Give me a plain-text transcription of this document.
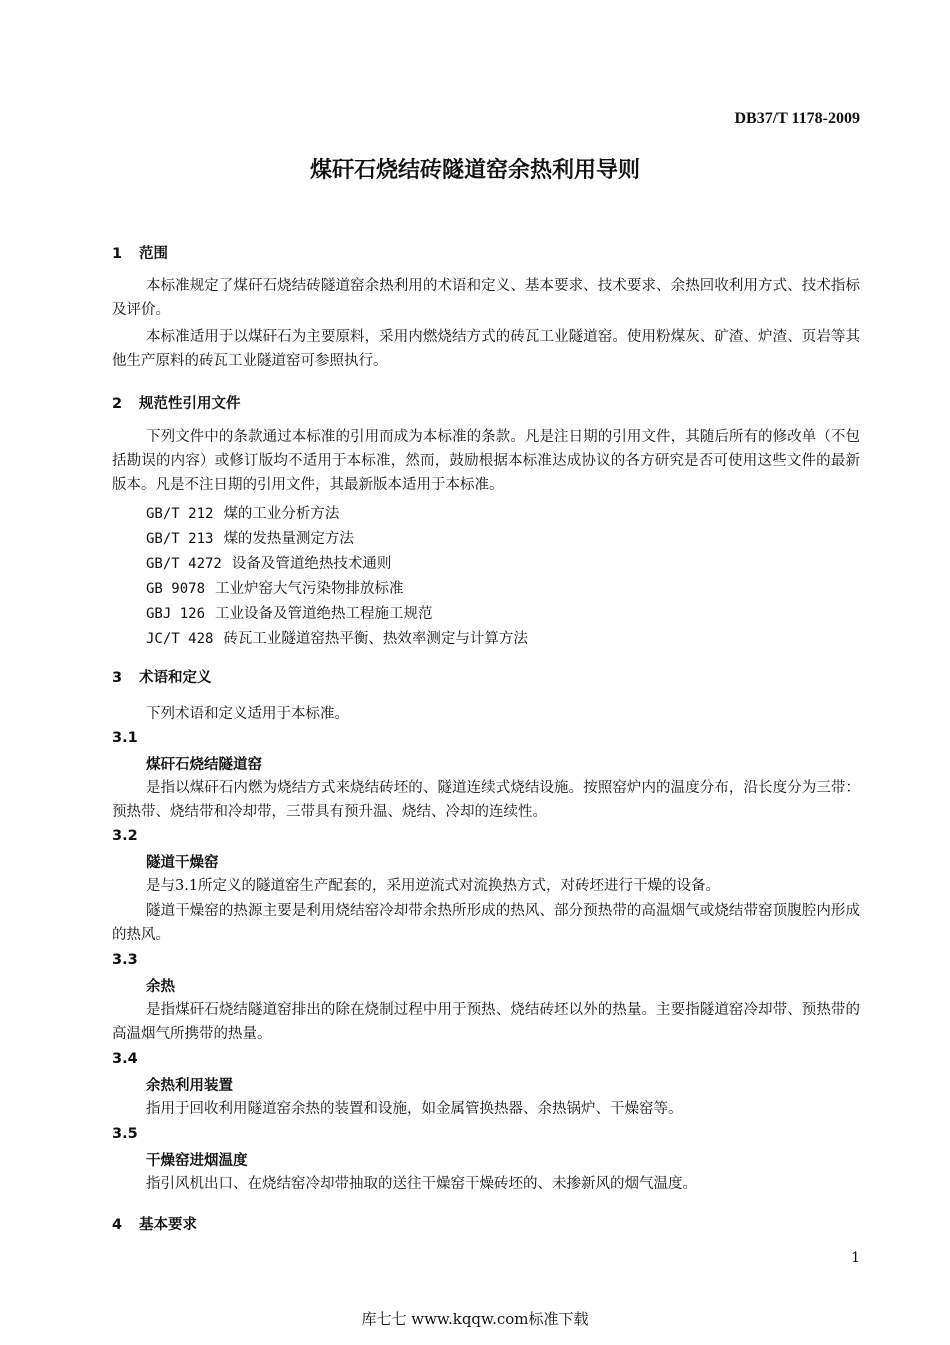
DB37/T 1178-2009
煤矸石烧结砖隧道窑余热利用导则
1 范围

本标准规定了煤矸石烧结砖隧道窑余热利用的术语和定义、基本要求、技术要求、余热回收利用方式、技术指标及评价。

本标准适用于以煤矸石为主要原料，采用内燃烧结方式的砖瓦工业隧道窑。使用粉煤灰、矿渣、炉渣、页岩等其他生产原料的砖瓦工业隧道窑可参照执行。

2 规范性引用文件

下列文件中的条款通过本标准的引用而成为本标准的条款。凡是注日期的引用文件，其随后所有的修改单（不包括勘误的内容）或修订版均不适用于本标准，然而，鼓励根据本标准达成协议的各方研究是否可使用这些文件的最新版本。凡是不注日期的引用文件，其最新版本适用于本标准。

GB/T 212 煤的工业分析方法
GB/T 213 煤的发热量测定方法
GB/T 4272 设备及管道绝热技术通则
GB 9078 工业炉窑大气污染物排放标准
GBJ 126 工业设备及管道绝热工程施工规范
JC/T 428 砖瓦工业隧道窑热平衡、热效率测定与计算方法
3 术语和定义

下列术语和定义适用于本标准。

3.1
煤矸石烧结隧道窑

是指以煤矸石内燃为烧结方式来烧结砖坯的、隧道连续式烧结设施。按照窑炉内的温度分布，沿长度分为三带：预热带、烧结带和冷却带，三带具有预升温、烧结、冷却的连续性。

3.2
隧道干燥窑

是与3.1所定义的隧道窑生产配套的，采用逆流式对流换热方式，对砖坯进行干燥的设备。

隧道干燥窑的热源主要是利用烧结窑冷却带余热所形成的热风、部分预热带的高温烟气或烧结带窑顶腹腔内形成的热风。

3.3
余热

是指煤矸石烧结隧道窑排出的除在烧制过程中用于预热、烧结砖坯以外的热量。主要指隧道窑冷却带、预热带的高温烟气所携带的热量。

3.4
余热利用装置

指用于回收利用隧道窑余热的装置和设施，如金属管换热器、余热锅炉、干燥窑等。

3.5
干燥窑进烟温度

指引风机出口、在烧结窑冷却带抽取的送往干燥窑干燥砖坯的、未掺新风的烟气温度。

4 基本要求
1
库七七 www.kqqw.com标准下载
